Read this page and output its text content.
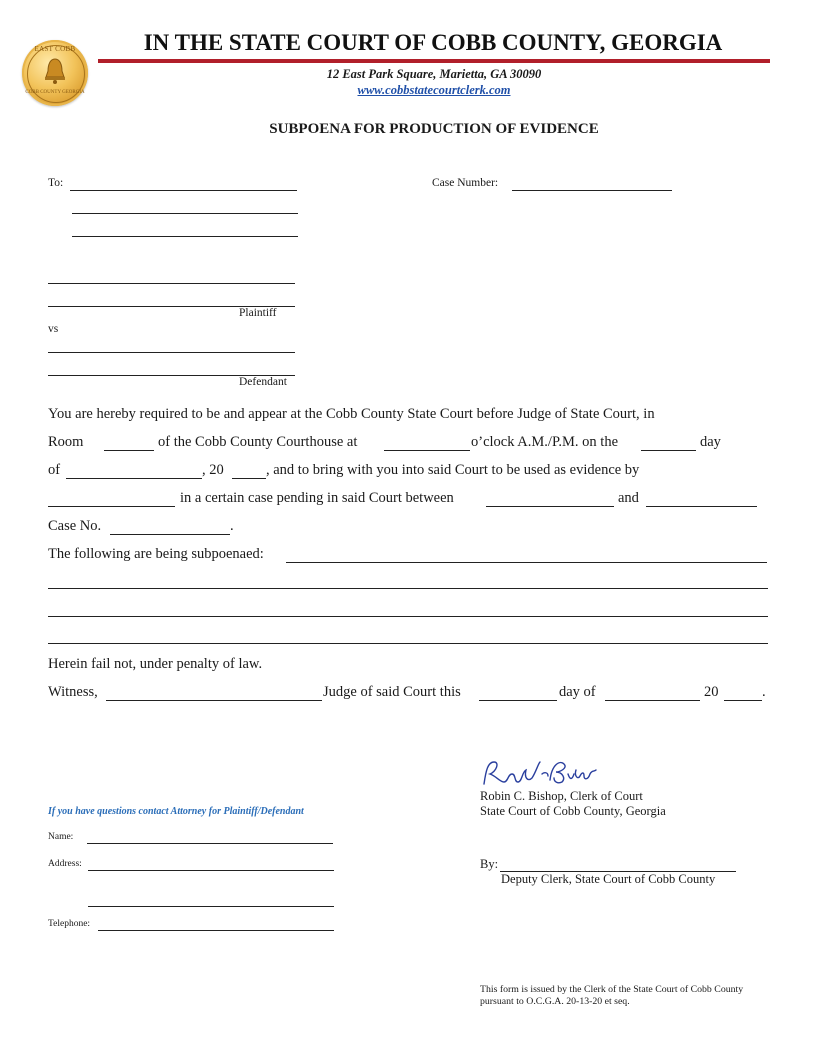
EAST COBB
COBB COUNTY GEORGIA
IN THE STATE COURT OF COBB COUNTY, GEORGIA
12 East Park Square, Marietta, GA 30090
www.cobbstatecourtclerk.com
SUBPOENA FOR PRODUCTION OF EVIDENCE
To:	Case Number:
Plaintiff
vs
Defendant
You are hereby required to be and appear at the Cobb County State Court before Judge of State Court, in
Room	of the Cobb County Courthouse at	o’clock A.M./P.M. on the	day
of	, 20	, and to bring with you into said Court to be used as evidence by
in a certain case pending in said Court between	and
Case No.	.
The following are being subpoenaed:
Herein fail not, under penalty of law.
Witness,	Judge of said Court this	day of	20	.
Robin C. Bishop, Clerk of Court
State Court of Cobb County, Georgia
If you have questions contact Attorney for Plaintiff/Defendant
Name:
Address:
Telephone:
By:
Deputy Clerk, State Court of Cobb County
This form is issued by the Clerk of the State Court of Cobb County
pursuant to O.C.G.A. 20-13-20 et seq.
